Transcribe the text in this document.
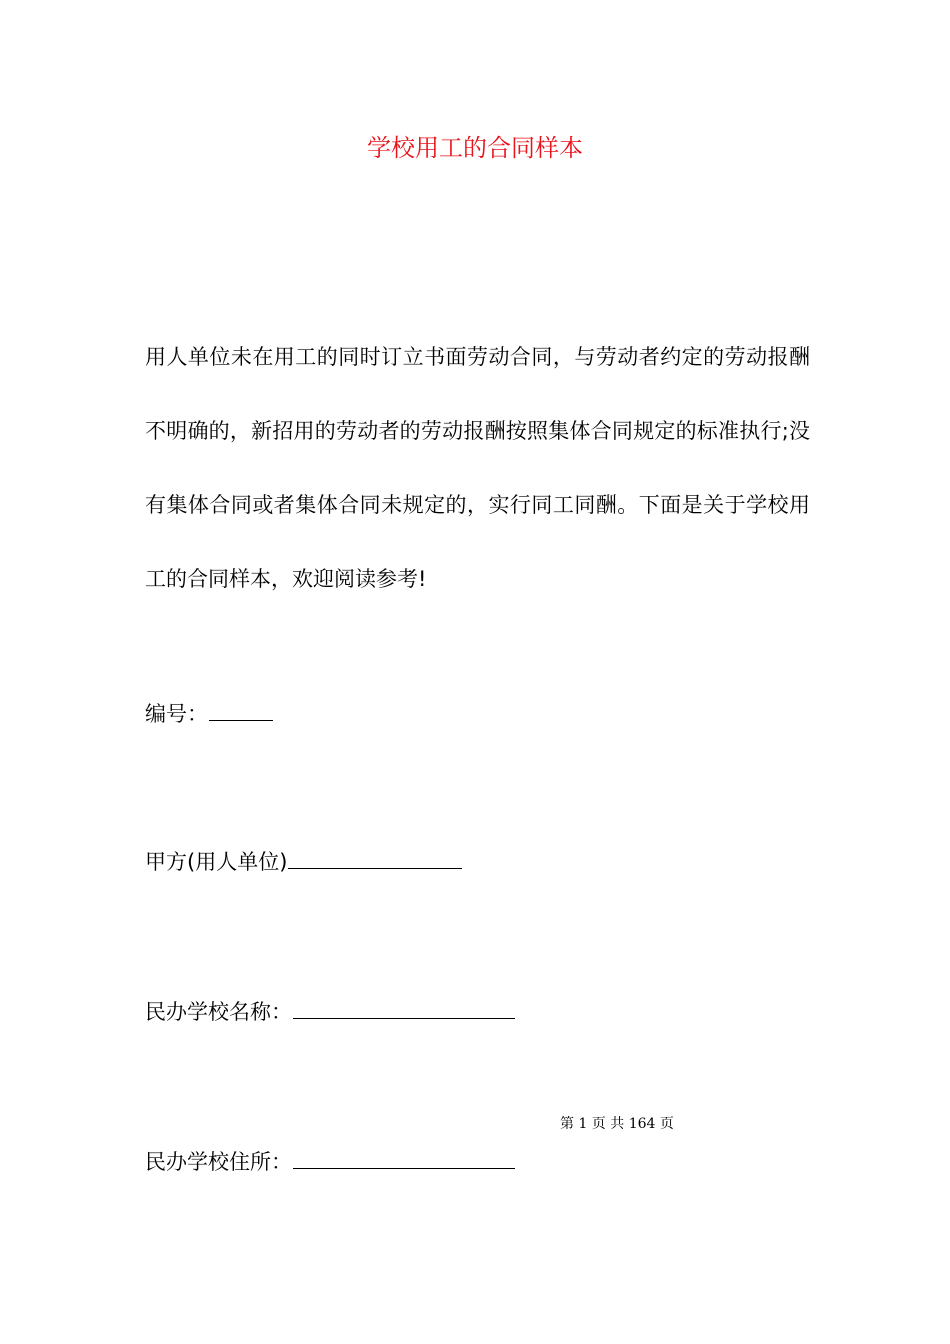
学校用工的合同样本

用人单位未在用工的同时订立书面劳动合同，与劳动者约定的劳动报酬不明确的，新招用的劳动者的劳动报酬按照集体合同规定的标准执行;没有集体合同或者集体合同未规定的，实行同工同酬。下面是关于学校用工的合同样本，欢迎阅读参考!

编号：
甲方(用人单位)
民办学校名称：
第 1 页 共 164 页
民办学校住所：
